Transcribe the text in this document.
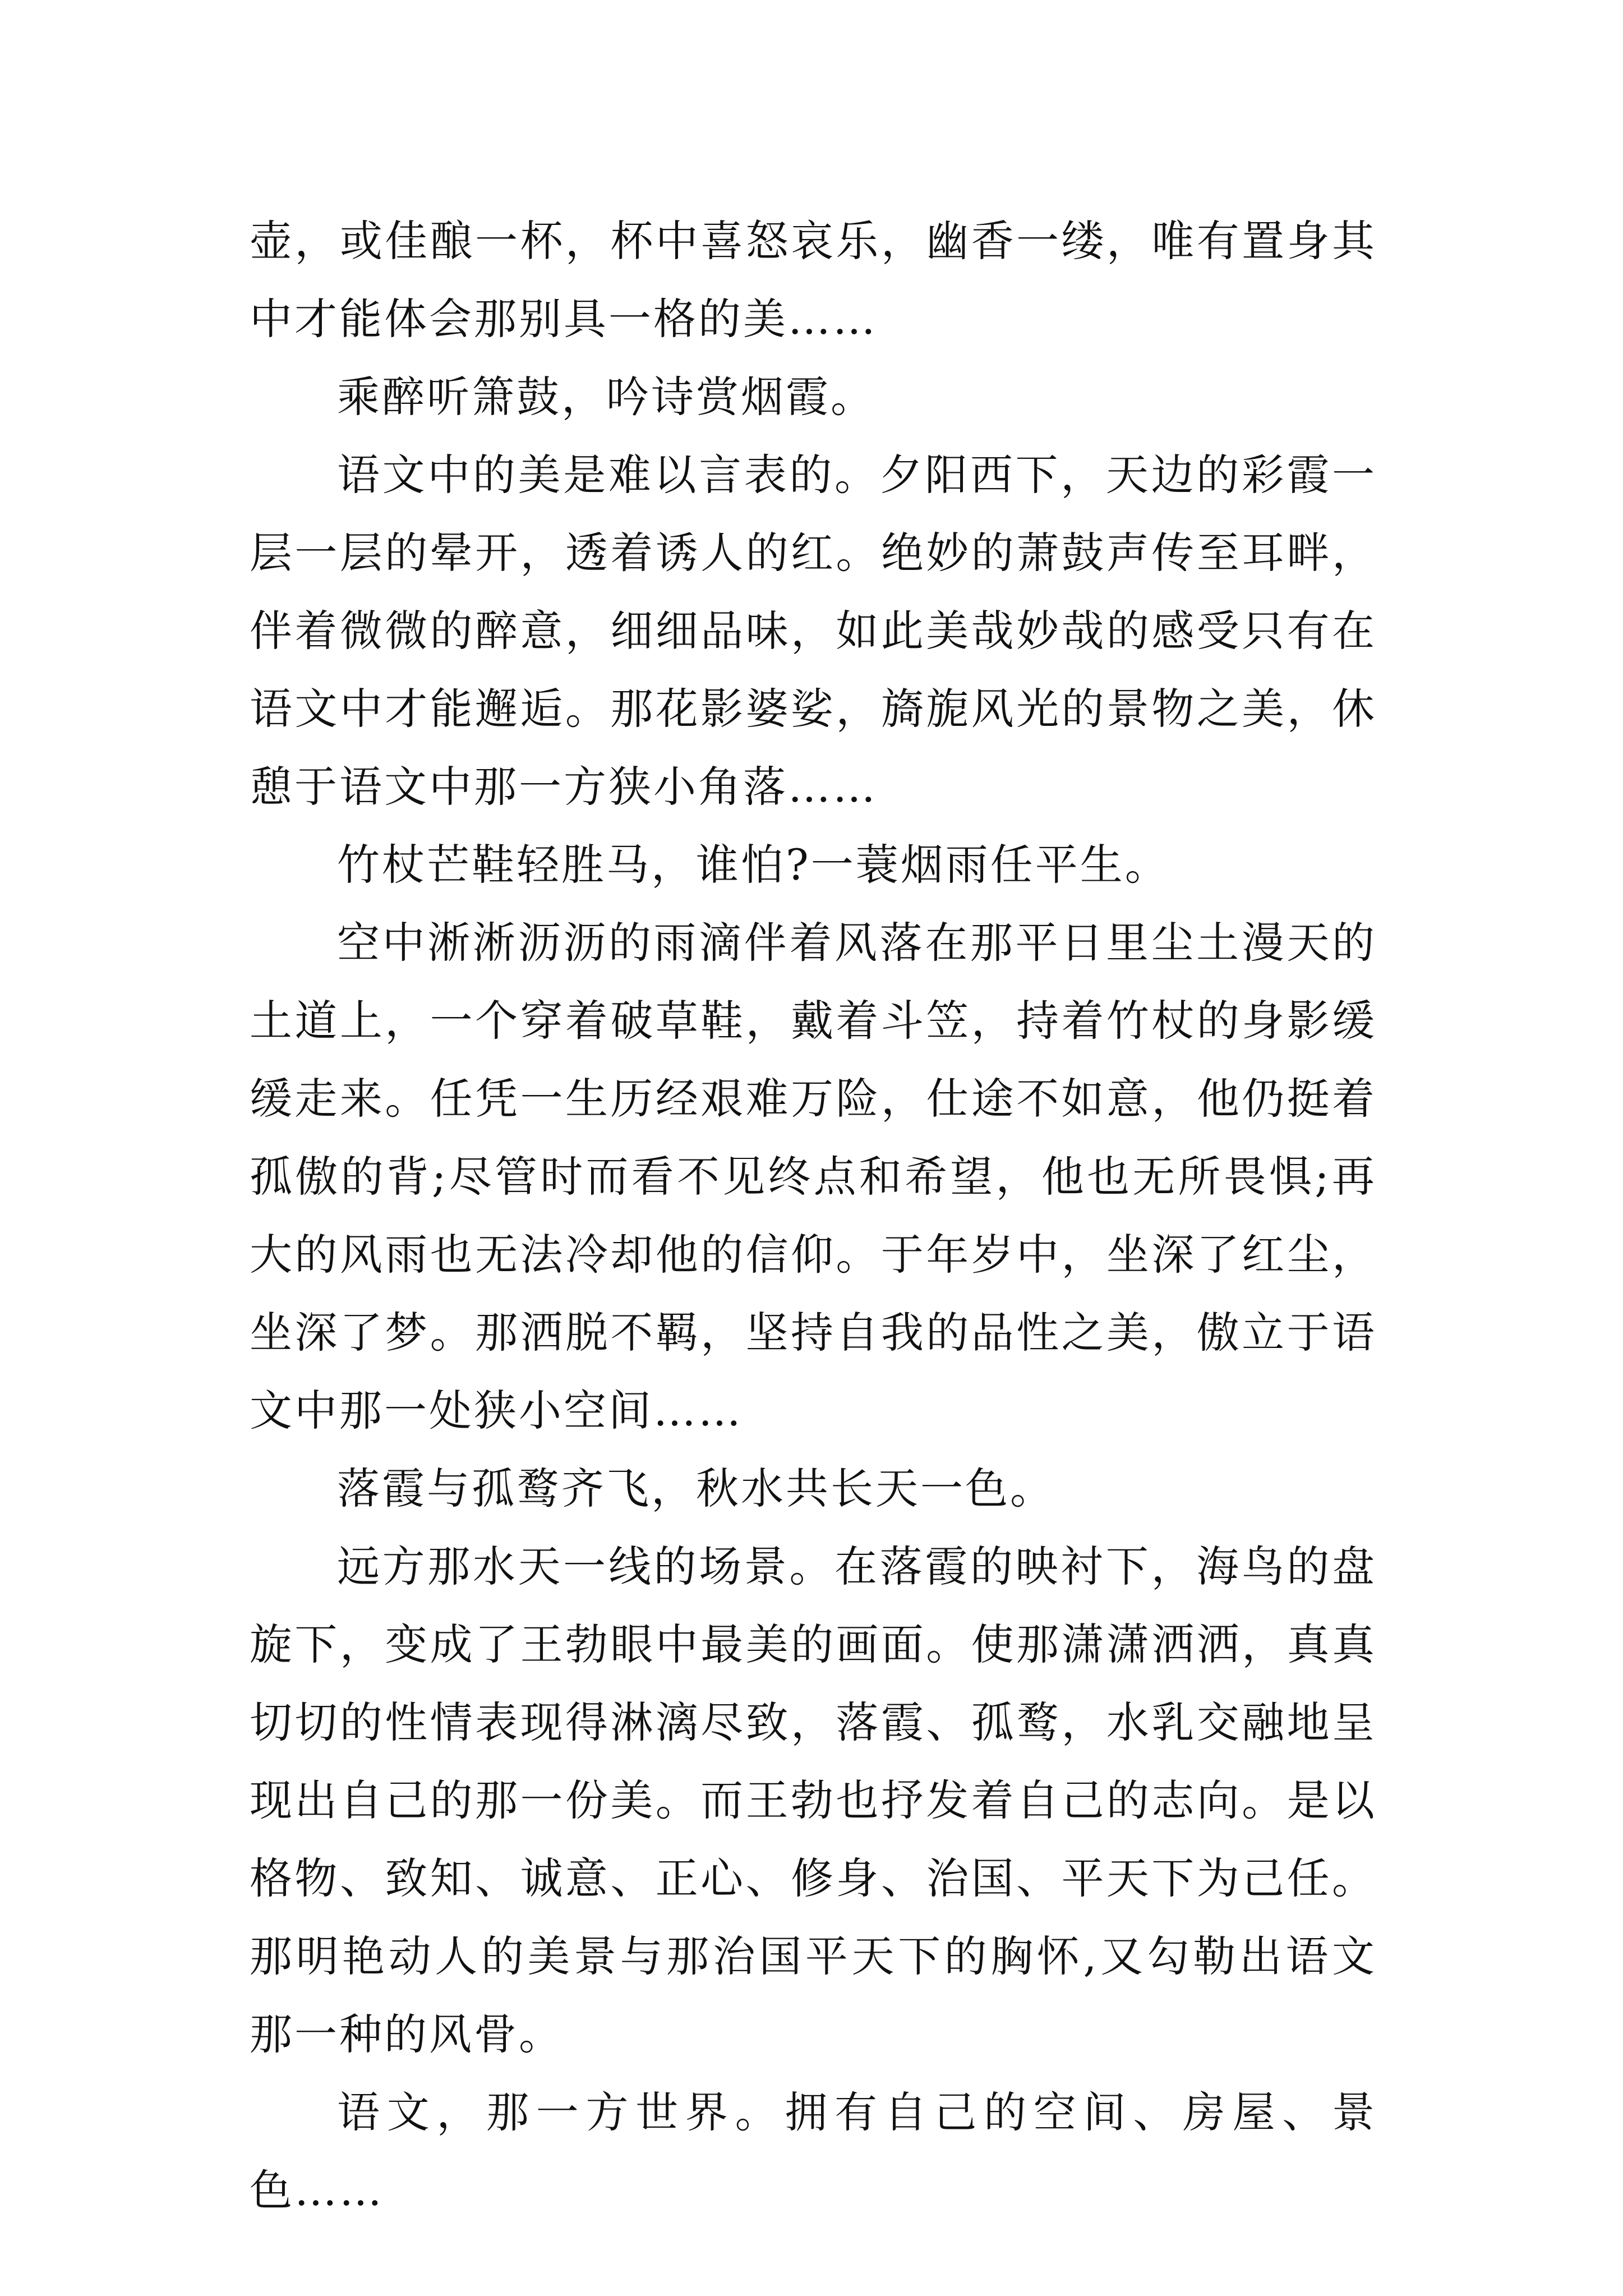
壶，或佳酿一杯，杯中喜怒哀乐，幽香一缕，唯有置身其中才能体会那别具一格的美……

乘醉听箫鼓，吟诗赏烟霞。

语文中的美是难以言表的。夕阳西下，天边的彩霞一层一层的晕开，透着诱人的红。绝妙的萧鼓声传至耳畔，伴着微微的醉意，细细品味，如此美哉妙哉的感受只有在语文中才能邂逅。那花影婆娑，旖旎风光的景物之美，休憩于语文中那一方狭小角落……

竹杖芒鞋轻胜马，谁怕?一蓑烟雨任平生。

空中淅淅沥沥的雨滴伴着风落在那平日里尘土漫天的土道上，一个穿着破草鞋，戴着斗笠，持着竹杖的身影缓缓走来。任凭一生历经艰难万险，仕途不如意，他仍挺着孤傲的背;尽管时而看不见终点和希望，他也无所畏惧;再大的风雨也无法冷却他的信仰。于年岁中，坐深了红尘，坐深了梦。那洒脱不羁，坚持自我的品性之美，傲立于语文中那一处狭小空间……

落霞与孤鹜齐飞，秋水共长天一色。

远方那水天一线的场景。在落霞的映衬下，海鸟的盘旋下，变成了王勃眼中最美的画面。使那潇潇洒洒，真真切切的性情表现得淋漓尽致，落霞、孤鹜，水乳交融地呈现出自己的那一份美。而王勃也抒发着自己的志向。是以格物、致知、诚意、正心、修身、治国、平天下为己任。那明艳动人的美景与那治国平天下的胸怀,又勾勒出语文那一种的风骨。

语文，那一方世界。拥有自己的空间、房屋、景色……
